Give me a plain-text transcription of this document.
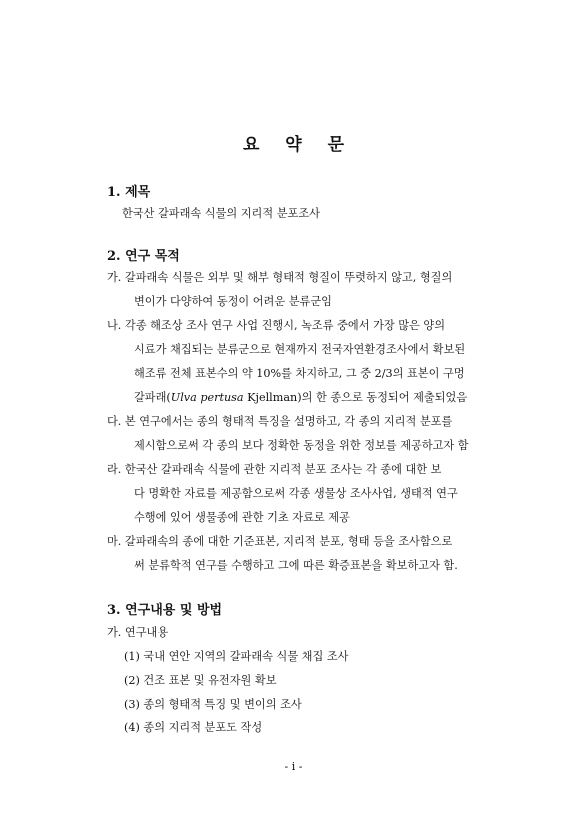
요 약 문
1. 제목
한국산 갈파래속 식물의 지리적 분포조사
2. 연구 목적
가. 갈파래속 식물은 외부 및 해부 형태적 형질이 뚜렷하지 않고, 형질의
변이가 다양하여 동정이 어려운 분류군임
나. 각종 해조상 조사 연구 사업 진행시, 녹조류 중에서 가장 많은 양의
시료가 채집되는 분류군으로 현재까지 전국자연환경조사에서 확보된
해조류 전체 표본수의 약 10%를 차지하고, 그 중 2/3의 표본이 구멍
갈파래(Ulva pertusa Kjellman)의 한 종으로 동정되어 제출되었음
다. 본 연구에서는 종의 형태적 특징을 설명하고, 각 종의 지리적 분포를
제시함으로써 각 종의 보다 정확한 동정을 위한 정보를 제공하고자 함
라. 한국산 갈파래속 식물에 관한 지리적 분포 조사는 각 종에 대한 보
다 명확한 자료를 제공함으로써 각종 생물상 조사사업, 생태적 연구
수행에 있어 생물종에 관한 기초 자료로 제공
마. 갈파래속의 종에 대한 기준표본, 지리적 분포, 형태 등을 조사함으로
써 분류학적 연구를 수행하고 그에 따른 확증표본을 확보하고자 함.
3. 연구내용 및 방법
가. 연구내용
(1) 국내 연안 지역의 갈파래속 식물 채집 조사
(2) 건조 표본 및 유전자원 확보
(3) 종의 형태적 특징 및 변이의 조사
(4) 종의 지리적 분포도 작성
- i -
